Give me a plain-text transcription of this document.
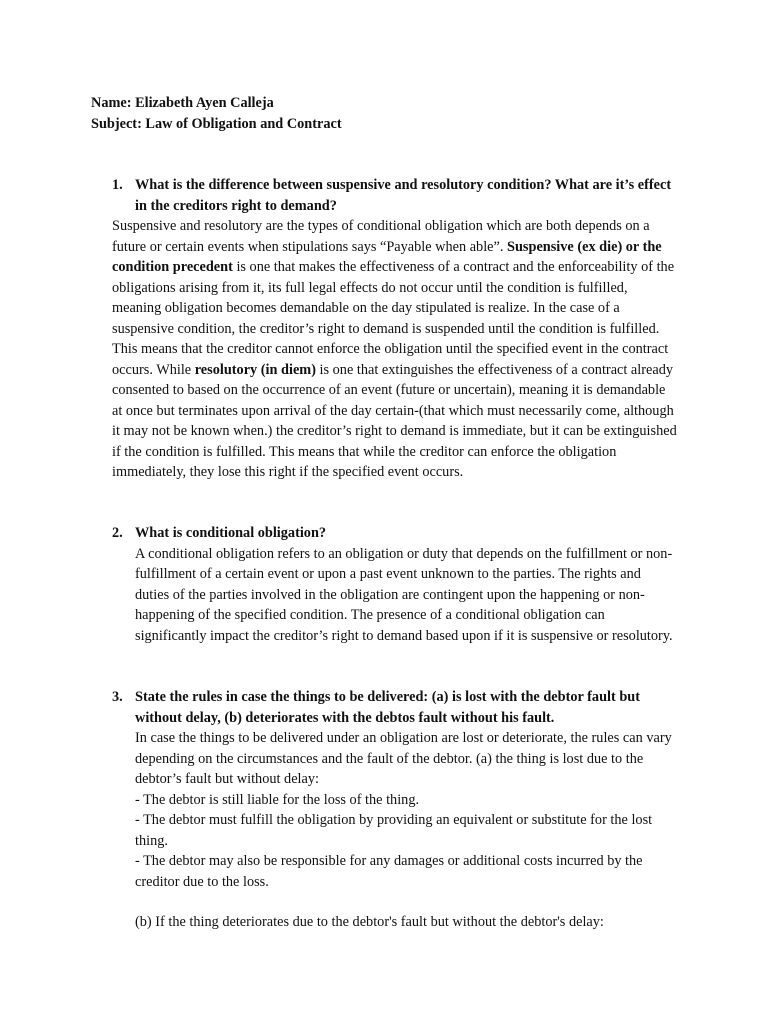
Name: Elizabeth Ayen Calleja
Subject: Law of Obligation and Contract
1. What is the difference between suspensive and resolutory condition? What are it’s effect in the creditors right to demand?
Suspensive and resolutory are the types of conditional obligation which are both depends on a future or certain events when stipulations says “Payable when able”. Suspensive (ex die) or the condition precedent is one that makes the effectiveness of a contract and the enforceability of the obligations arising from it, its full legal effects do not occur until the condition is fulfilled, meaning obligation becomes demandable on the day stipulated is realize. In the case of a suspensive condition, the creditor’s right to demand is suspended until the condition is fulfilled. This means that the creditor cannot enforce the obligation until the specified event in the contract occurs. While resolutory (in diem) is one that extinguishes the effectiveness of a contract already consented to based on the occurrence of an event (future or uncertain), meaning it is demandable at once but terminates upon arrival of the day certain-(that which must necessarily come, although it may not be known when.) the creditor’s right to demand is immediate, but it can be extinguished if the condition is fulfilled. This means that while the creditor can enforce the obligation immediately, they lose this right if the specified event occurs.
2. What is conditional obligation?
A conditional obligation refers to an obligation or duty that depends on the fulfillment or non-fulfillment of a certain event or upon a past event unknown to the parties. The rights and duties of the parties involved in the obligation are contingent upon the happening or non-happening of the specified condition. The presence of a conditional obligation can significantly impact the creditor’s right to demand based upon if it is suspensive or resolutory.
3. State the rules in case the things to be delivered: (a) is lost with the debtor fault but without delay, (b) deteriorates with the debtos fault without his fault.
In case the things to be delivered under an obligation are lost or deteriorate, the rules can vary depending on the circumstances and the fault of the debtor. (a) the thing is lost due to the debtor’s fault but without delay:
- The debtor is still liable for the loss of the thing.
- The debtor must fulfill the obligation by providing an equivalent or substitute for the lost thing.
- The debtor may also be responsible for any damages or additional costs incurred by the creditor due to the loss.
(b) If the thing deteriorates due to the debtor's fault but without the debtor's delay:
